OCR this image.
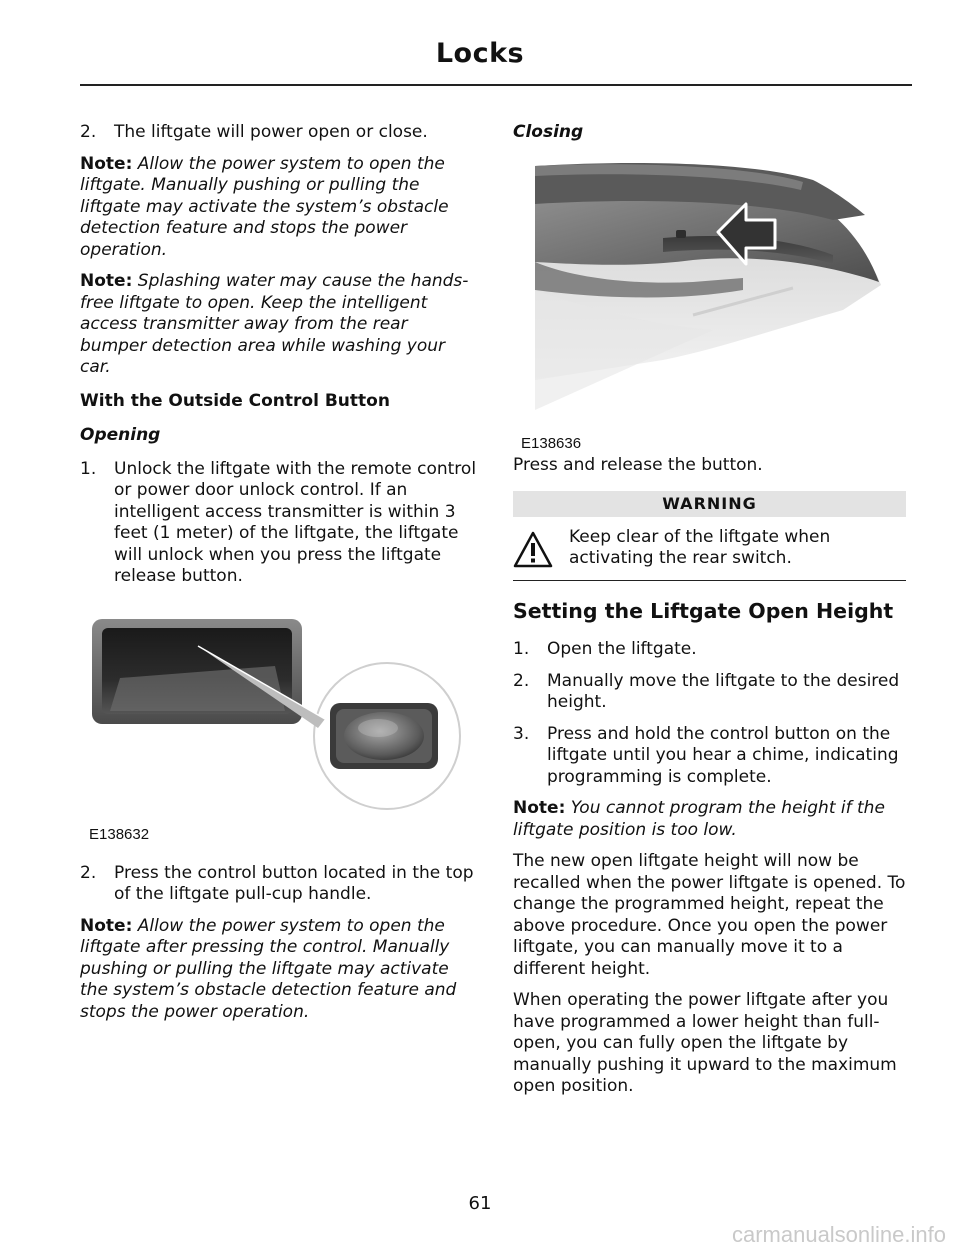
Locks
2.	The liftgate will power open or close.

Note: Allow the power system to open the liftgate. Manually pushing or pulling the liftgate may activate the system’s obstacle detection feature and stops the power operation.

Note: Splashing water may cause the hands-free liftgate to open. Keep the intelligent access transmitter away from the rear bumper detection area while washing your car.

With the Outside Control Button
Opening
1.	Unlock the liftgate with the remote control or power door unlock control. If an intelligent access transmitter is within 3 feet (1 meter) of the liftgate, the liftgate will unlock when you press the liftgate release button.
E138632
2.	Press the control button located in the top of the liftgate pull-cup handle.

Note: Allow the power system to open the liftgate after pressing the control. Manually pushing or pulling the liftgate may activate the system’s obstacle detection feature and stops the power operation.

Closing
E138636

Press and release the button.

WARNING
Keep clear of the liftgate when activating the rear switch.
Setting the Liftgate Open Height
1.	Open the liftgate.
2.	Manually move the liftgate to the desired height.
3.	Press and hold the control button on the liftgate until you hear a chime, indicating programming is complete.

Note: You cannot program the height if the liftgate position is too low.

The new open liftgate height will now be recalled when the power liftgate is opened. To change the programmed height, repeat the above procedure. Once you open the power liftgate, you can manually move it to a different height.

When operating the power liftgate after you have programmed a lower height than full-open, you can fully open the liftgate by manually pushing it upward to the maximum open position.

61
carmanualsonline.info
